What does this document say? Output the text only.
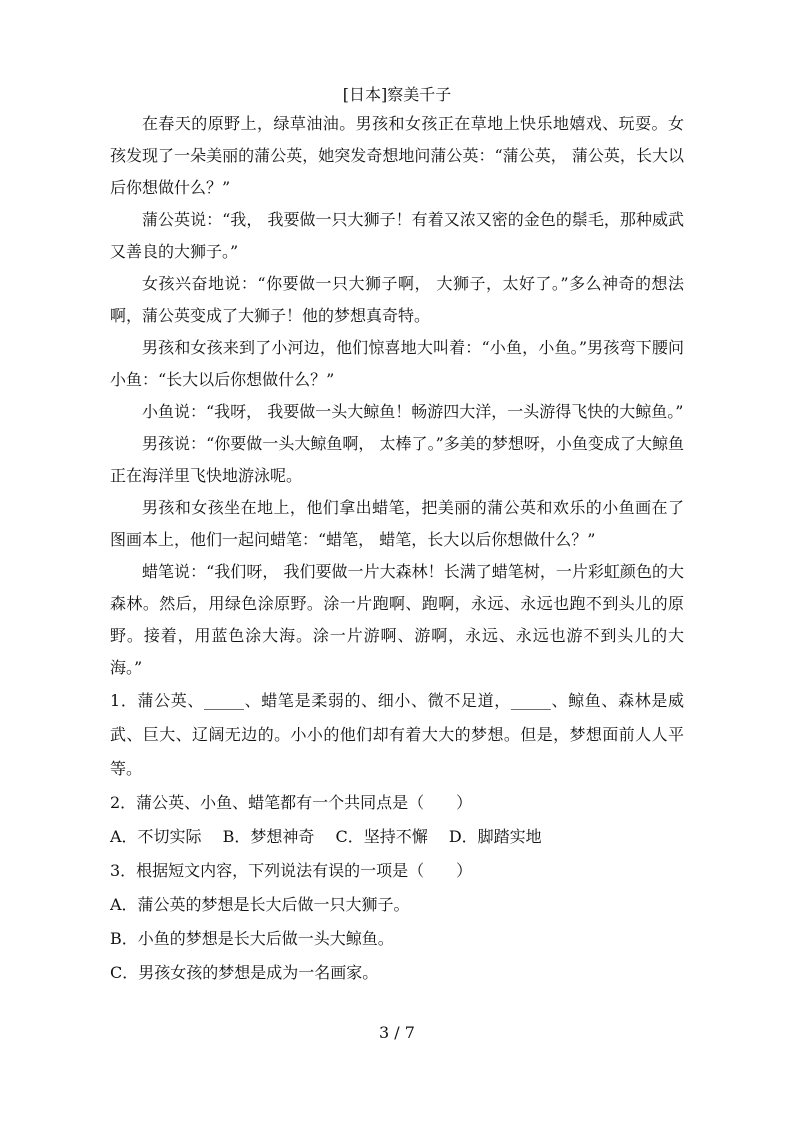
[日本]察美千子

在春天的原野上，绿草油油。男孩和女孩正在草地上快乐地嬉戏、玩耍。女孩发现了一朵美丽的蒲公英，她突发奇想地问蒲公英：“蒲公英， 蒲公英，长大以后你想做什么？”

蒲公英说：“我， 我要做一只大狮子！有着又浓又密的金色的鬃毛，那种威武又善良的大狮子。”

女孩兴奋地说：“你要做一只大狮子啊， 大狮子，太好了。”多么神奇的想法啊，蒲公英变成了大狮子！他的梦想真奇特。

男孩和女孩来到了小河边，他们惊喜地大叫着：“小鱼，小鱼。”男孩弯下腰问小鱼：“长大以后你想做什么？”

小鱼说：“我呀， 我要做一头大鲸鱼！畅游四大洋，一头游得飞快的大鲸鱼。”

男孩说：“你要做一头大鲸鱼啊， 太棒了。”多美的梦想呀，小鱼变成了大鲸鱼正在海洋里飞快地游泳呢。

男孩和女孩坐在地上，他们拿出蜡笔，把美丽的蒲公英和欢乐的小鱼画在了图画本上，他们一起问蜡笔：“蜡笔， 蜡笔，长大以后你想做什么？”

蜡笔说：“我们呀， 我们要做一片大森林！长满了蜡笔树，一片彩虹颜色的大森林。然后，用绿色涂原野。涂一片跑啊、跑啊，永远、永远也跑不到头儿的原野。接着，用蓝色涂大海。涂一片游啊、游啊，永远、永远也游不到头儿的大海。”

1．蒲公英、_____、蜡笔是柔弱的、细小、微不足道，_____、鲸鱼、森林是威武、巨大、辽阔无边的。小小的他们却有着大大的梦想。但是，梦想面前人人平等。

2．蒲公英、小鱼、蜡笔都有一个共同点是（　　）

A．不切实际　 B．梦想神奇　 C．坚持不懈　 D．脚踏实地

3．根据短文内容，下列说法有误的一项是（　　）

A．蒲公英的梦想是长大后做一只大狮子。

B．小鱼的梦想是长大后做一头大鲸鱼。

C．男孩女孩的梦想是成为一名画家。

3 / 7
